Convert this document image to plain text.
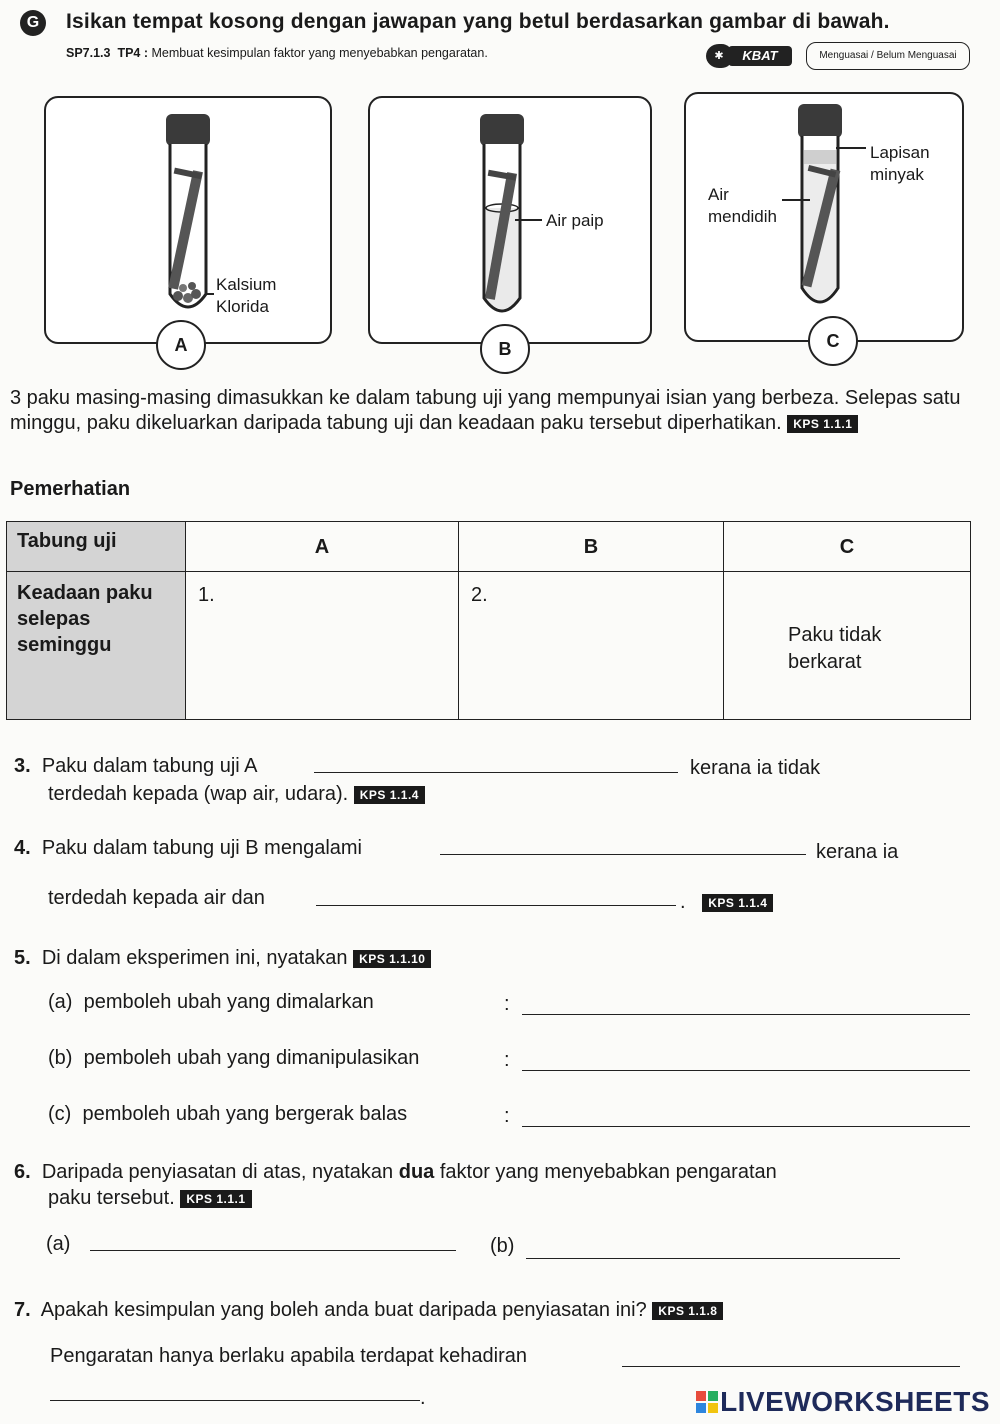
G	Isikan tempat kosong dengan jawapan yang betul berdasarkan gambar di bawah.
SP7.1.3 TP4 : Membuat kesimpulan faktor yang menyebabkan pengaratan.	✱	KBAT	Menguasai / Belum Menguasai
Kalsium
Klorida
A
Air paip
B
Lapisan
minyak
Air
mendidih
C
3 paku masing-masing dimasukkan ke dalam tabung uji yang mempunyai isian yang berbeza. Selepas satu minggu, paku dikeluarkan daripada tabung uji dan keadaan paku tersebut diperhatikan. KPS 1.1.1
Pemerhatian
Tabung uji	A	B	C
Keadaan paku selepas seminggu	1.	2.	Paku tidak berkarat
3. Paku dalam tabung uji A	kerana ia tidak
terdedah kepada (wap air, udara). KPS 1.1.4
4. Paku dalam tabung uji B mengalami	kerana ia
terdedah kepada air dan	. KPS 1.1.4
5. Di dalam eksperimen ini, nyatakan KPS 1.1.10
(a) pemboleh ubah yang dimalarkan	:
(b) pemboleh ubah yang dimanipulasikan	:
(c) pemboleh ubah yang bergerak balas	:
6. Daripada penyiasatan di atas, nyatakan dua faktor yang menyebabkan pengaratan
paku tersebut. KPS 1.1.1
(a)	(b)
7. Apakah kesimpulan yang boleh anda buat daripada penyiasatan ini? KPS 1.1.8
Pengaratan hanya berlaku apabila terdapat kehadiran
.	LIVEWORKSHEETS
